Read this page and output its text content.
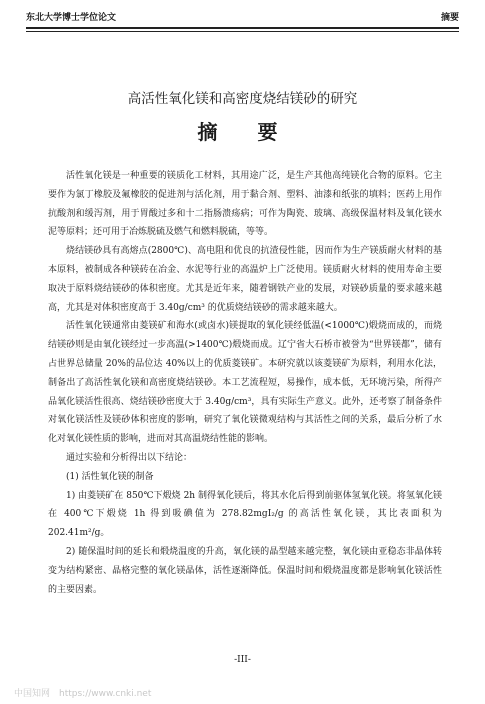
东北大学博士学位论文	摘要
高活性氧化镁和高密度烧结镁砂的研究
摘　要

活性氧化镁是一种重要的镁质化工材料，其用途广泛，是生产其他高纯镁化合物的原料。它主要作为氯丁橡胶及氟橡胶的促进剂与活化剂，用于黏合剂、塑料、油漆和纸张的填料；医药上用作抗酸剂和缓泻剂，用于胃酸过多和十二指肠溃疡病；可作为陶瓷、玻璃、高级保温材料及氧化镁水泥等原料；还可用于冶炼脱硫及燃气和燃料脱硫，等等。

烧结镁砂具有高熔点(2800℃)、高电阻和优良的抗渣侵性能，因而作为生产镁质耐火材料的基本原料，被制成各种镁砖在冶金、水泥等行业的高温炉上广泛使用。镁质耐火材料的使用寿命主要取决于原料烧结镁砂的体积密度。尤其是近年来，随着钢铁产业的发展，对镁砂质量的要求越来越高，尤其是对体积密度高于 3.40g/cm³ 的优质烧结镁砂的需求越来越大。

活性氧化镁通常由菱镁矿和海水(或卤水)镁提取的氧化镁经低温(<1000℃)煅烧而成的，而烧结镁砂则是由氧化镁经过一步高温(>1400℃)煅烧而成。辽宁省大石桥市被誉为“世界镁都”，储有占世界总储量 20%的品位达 40%以上的优质菱镁矿。本研究就以该菱镁矿为原料，利用水化法，制备出了高活性氧化镁和高密度烧结镁砂。本工艺流程短，易操作，成本低，无环境污染，所得产品氧化镁活性很高、烧结镁砂密度大于 3.40g/cm³，具有实际生产意义。此外，还考察了制备条件对氧化镁活性及镁砂体积密度的影响，研究了氧化镁微观结构与其活性之间的关系，最后分析了水化对氧化镁性质的影响，进而对其高温烧结性能的影响。

通过实验和分析得出以下结论：

(1) 活性氧化镁的制备

1) 由菱镁矿在 850℃下煅烧 2h 制得氧化镁后，将其水化后得到前驱体氢氧化镁。将氢氧化镁在 400℃下煅烧 1h 得到吸碘值为 278.82mgI₂/g 的高活性氧化镁，其比表面积为 202.41m²/g。

2) 随保温时间的延长和煅烧温度的升高，氧化镁的晶型越来越完整，氧化镁由亚稳态非晶体转变为结构紧密、晶格完整的氧化镁晶体，活性逐渐降低。保温时间和煅烧温度都是影响氧化镁活性的主要因素。

-III-
中国知网　https://www.cnki.net
